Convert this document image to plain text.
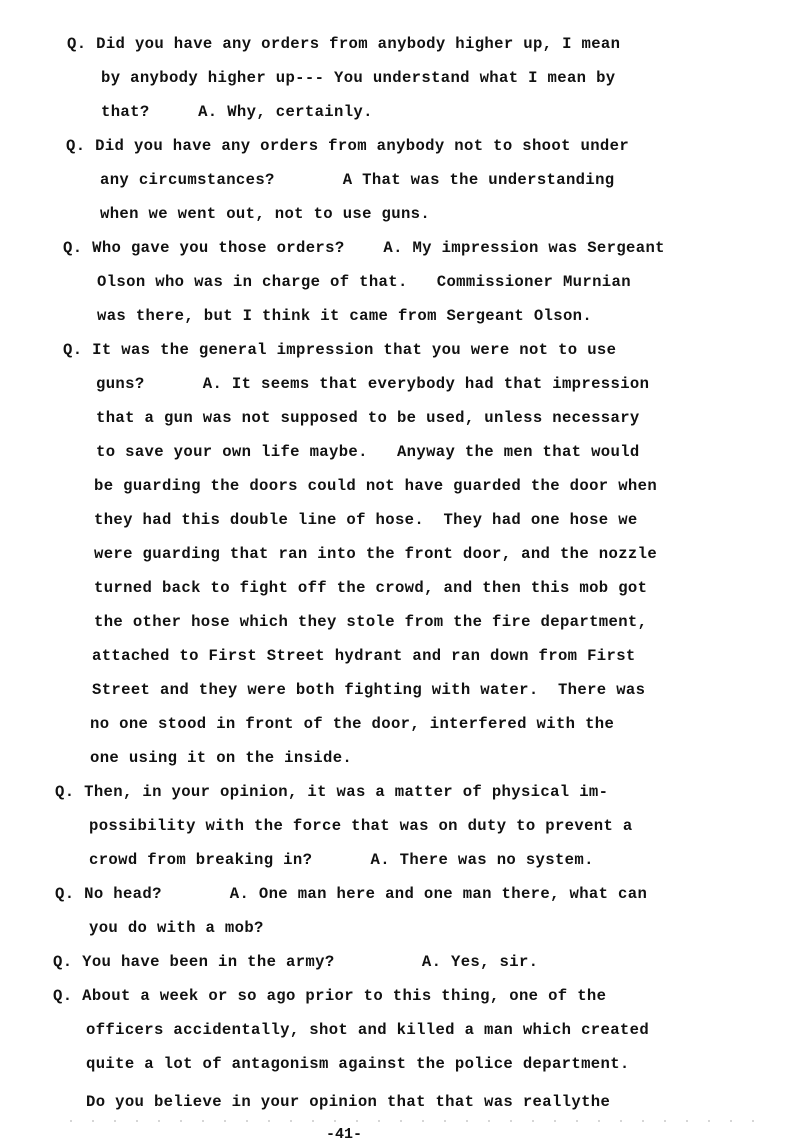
-41-
Q. Did you have any orders from anybody higher up, I mean
by anybody higher up--- You understand what I mean by
that?     A. Why, certainly.
Q. Did you have any orders from anybody not to shoot under
any circumstances?       A That was the understanding
when we went out, not to use guns.
Q. Who gave you those orders?    A. My impression was Sergeant
Olson who was in charge of that.   Commissioner Murnian
was there, but I think it came from Sergeant Olson.
Q. It was the general impression that you were not to use
guns?      A. It seems that everybody had that impression
that a gun was not supposed to be used, unless necessary
to save your own life maybe.   Anyway the men that would
be guarding the doors could not have guarded the door when
they had this double line of hose.  They had one hose we
were guarding that ran into the front door, and the nozzle
turned back to fight off the crowd, and then this mob got
the other hose which they stole from the fire department,
attached to First Street hydrant and ran down from First
Street and they were both fighting with water.  There was
no one stood in front of the door, interfered with the
one using it on the inside.
Q. Then, in your opinion, it was a matter of physical im-
possibility with the force that was on duty to prevent a
crowd from breaking in?      A. There was no system.
Q. No head?       A. One man here and one man there, what can
you do with a mob?
Q. You have been in the army?         A. Yes, sir.
Q. About a week or so ago prior to this thing, one of the
officers accidentally, shot and killed a man which created
quite a lot of antagonism against the police department.
Do you believe in your opinion that that was reallythe
